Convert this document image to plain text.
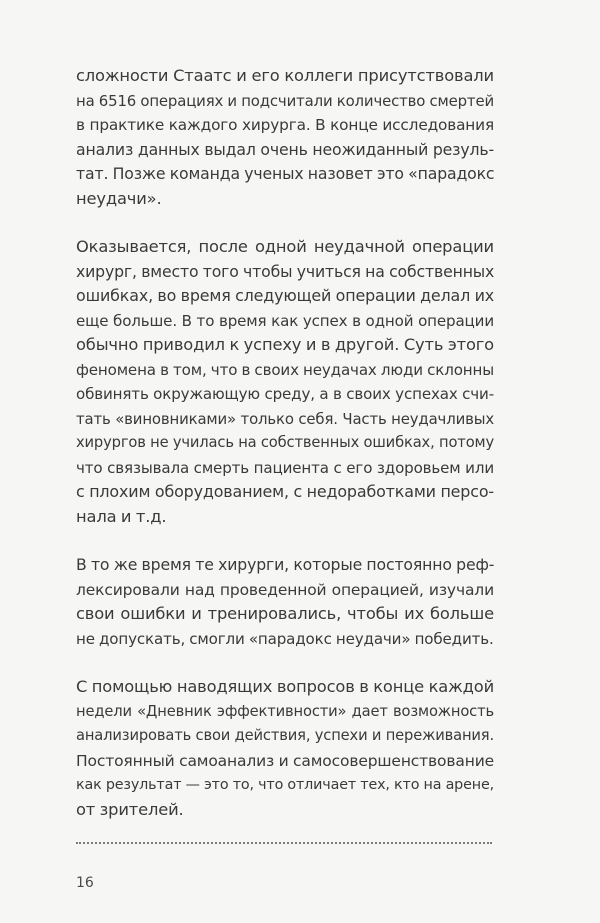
сложности Стаатс и его коллеги присутствовали
на 6516 операциях и подсчитали количество смертей
в практике каждого хирурга. В конце исследования
анализ данных выдал очень неожиданный резуль-
тат. Позже команда ученых назовет это «парадокс
неудачи».

Оказывается, после одной неудачной операции
хирург, вместо того чтобы учиться на собственных
ошибках, во время следующей операции делал их
еще больше. В то время как успех в одной операции
обычно приводил к успеху и в другой. Суть этого
феномена в том, что в своих неудачах люди склонны
обвинять окружающую среду, а в своих успехах счи-
тать «виновниками» только себя. Часть неудачливых
хирургов не училась на собственных ошибках, потому
что связывала смерть пациента с его здоровьем или
с плохим оборудованием, с недоработками персо-
нала и т.д.

В то же время те хирурги, которые постоянно реф-
лексировали над проведенной операцией, изучали
свои ошибки и тренировались, чтобы их больше
не допускать, смогли «парадокс неудачи» победить.

С помощью наводящих вопросов в конце каждой
недели «Дневник эффективности» дает возможность
анализировать свои действия, успехи и переживания.
Постоянный самоанализ и самосовершенствование
как результат — это то, что отличает тех, кто на арене,
от зрителей.

16
